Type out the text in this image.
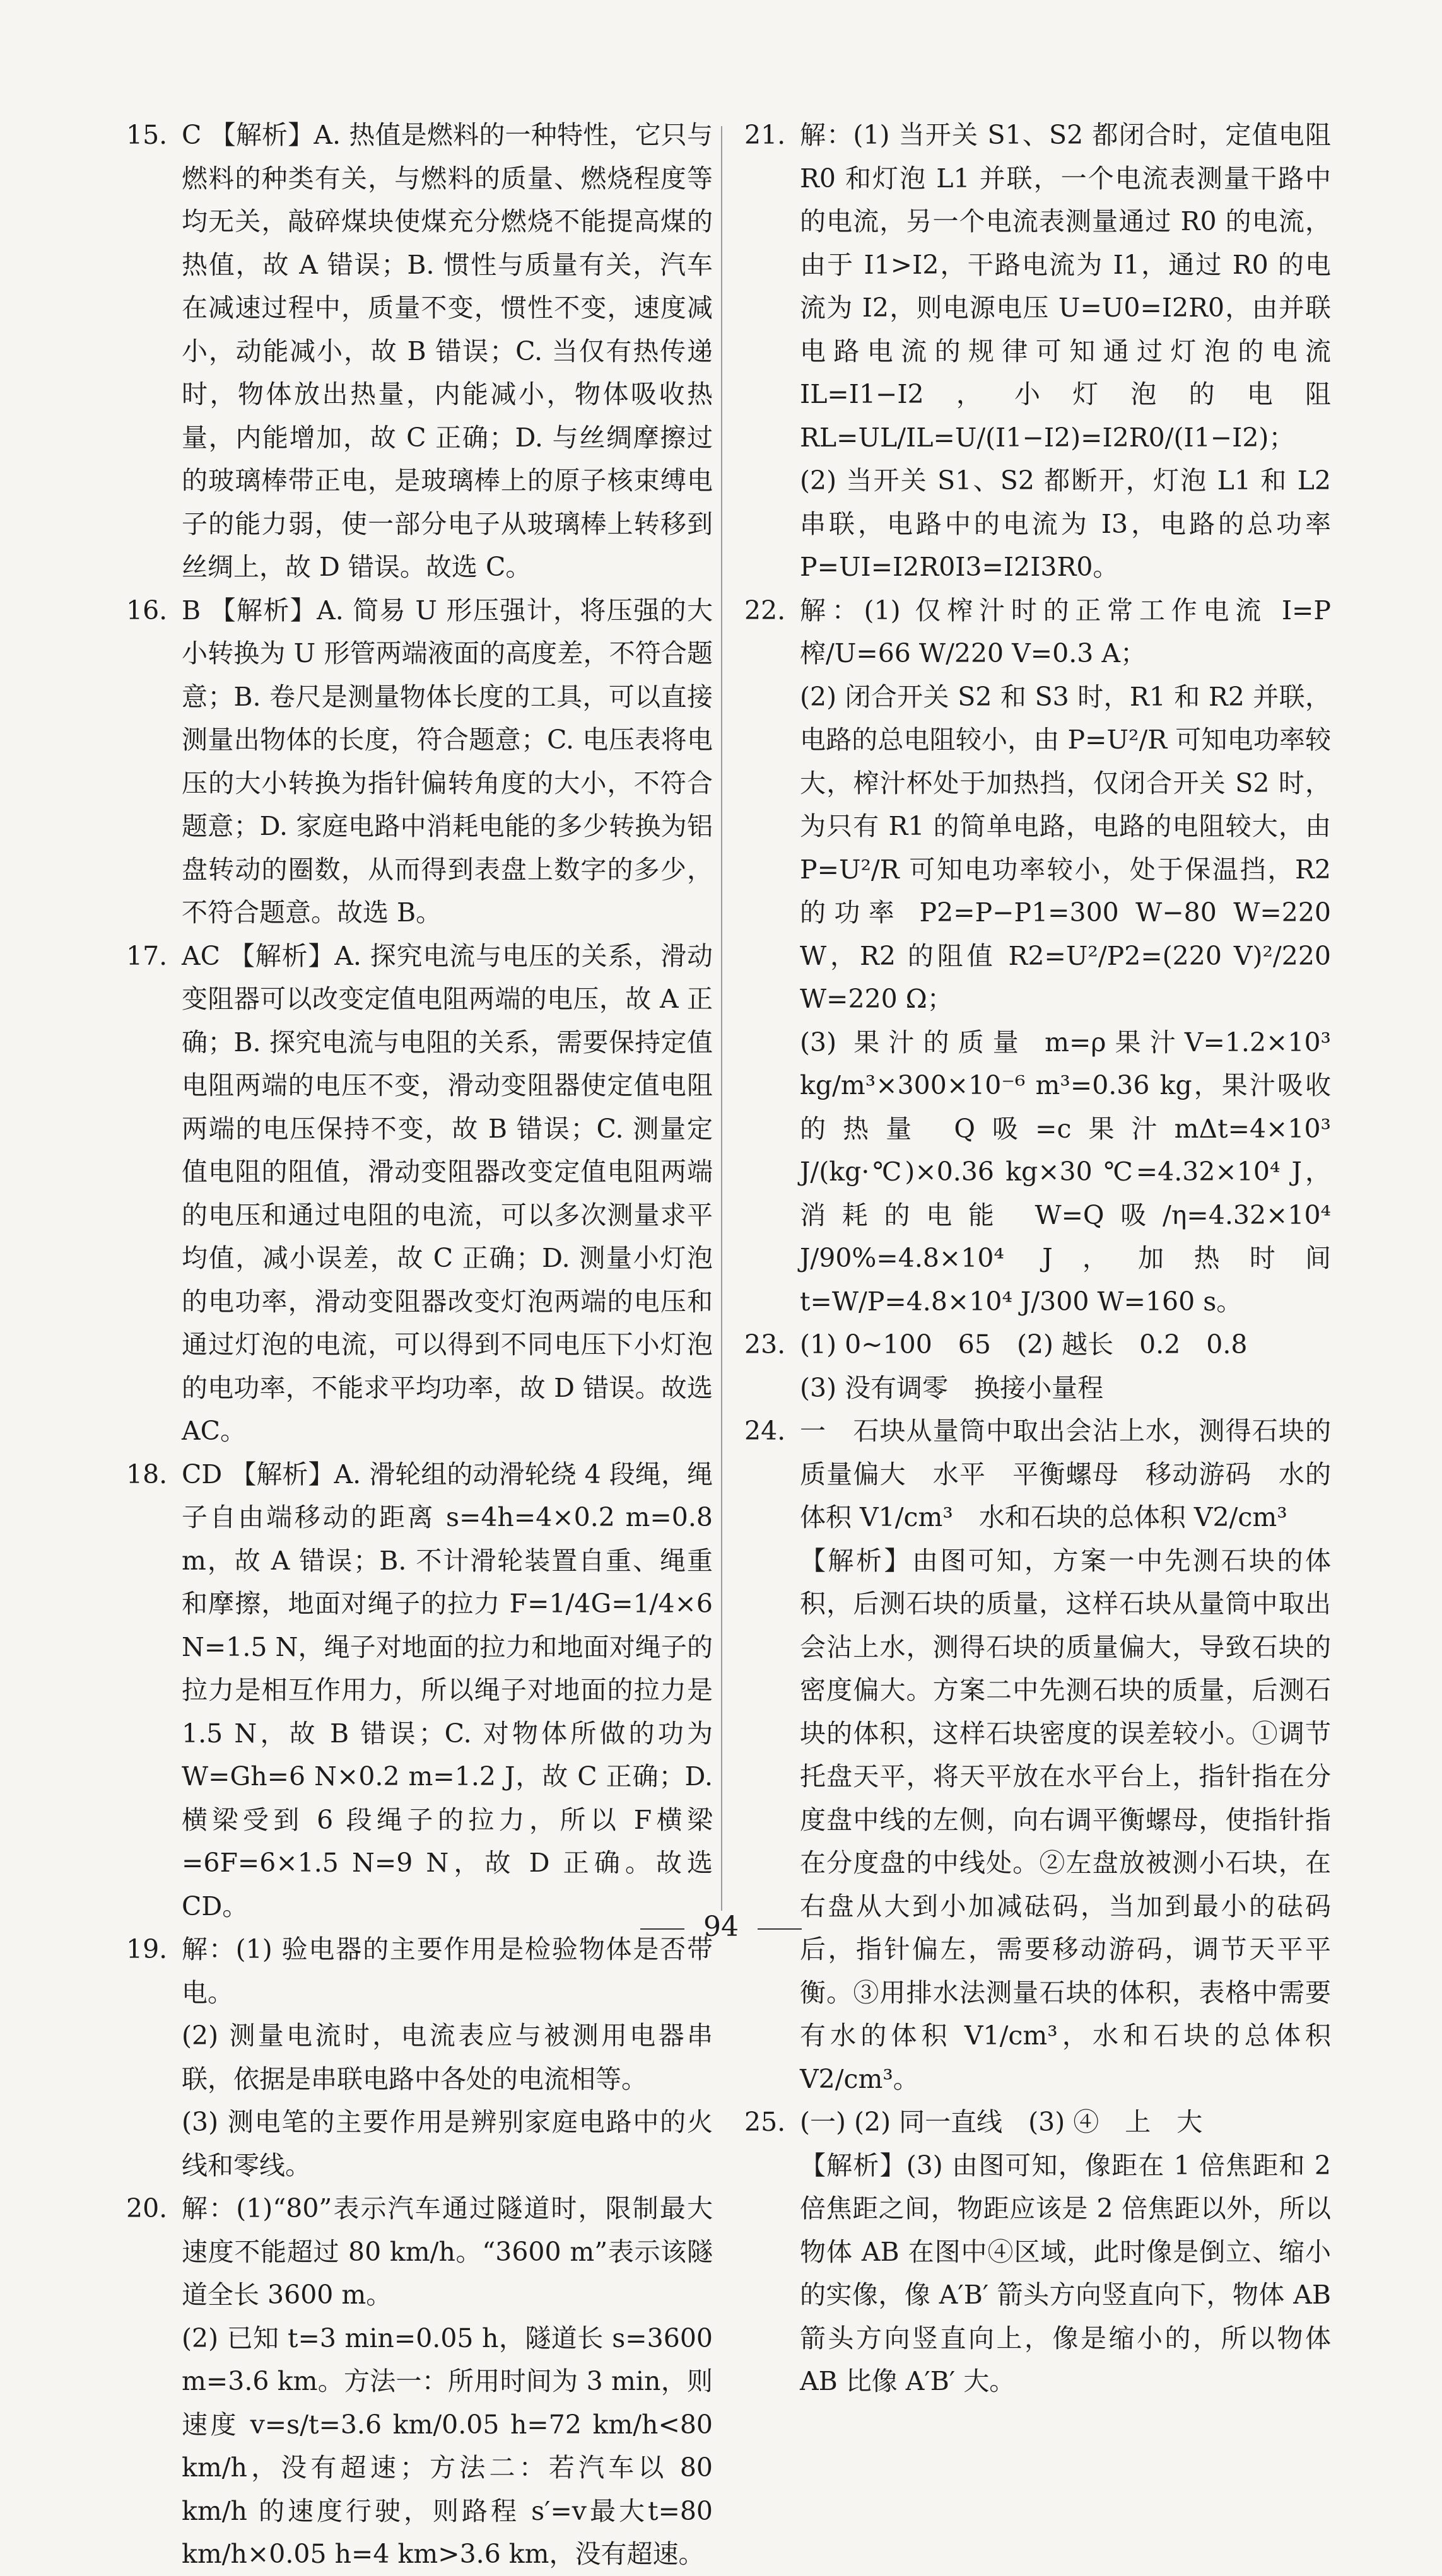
15. C 【解析】A. 热值是燃料的一种特性，它只与燃料的种类有关，与燃料的质量、燃烧程度等均无关，敲碎煤块使煤充分燃烧不能提高煤的热值，故 A 错误；B. 惯性与质量有关，汽车在减速过程中，质量不变，惯性不变，速度减小，动能减小，故 B 错误；C. 当仅有热传递时，物体放出热量，内能减小，物体吸收热量，内能增加，故 C 正确；D. 与丝绸摩擦过的玻璃棒带正电，是玻璃棒上的原子核束缚电子的能力弱，使一部分电子从玻璃棒上转移到丝绸上，故 D 错误。故选 C。
16. B 【解析】A. 简易 U 形压强计，将压强的大小转换为 U 形管两端液面的高度差，不符合题意；B. 卷尺是测量物体长度的工具，可以直接测量出物体的长度，符合题意；C. 电压表将电压的大小转换为指针偏转角度的大小，不符合题意；D. 家庭电路中消耗电能的多少转换为铝盘转动的圈数，从而得到表盘上数字的多少，不符合题意。故选 B。
17. AC 【解析】A. 探究电流与电压的关系，滑动变阻器可以改变定值电阻两端的电压，故 A 正确；B. 探究电流与电阻的关系，需要保持定值电阻两端的电压不变，滑动变阻器使定值电阻两端的电压保持不变，故 B 错误；C. 测量定值电阻的阻值，滑动变阻器改变定值电阻两端的电压和通过电阻的电流，可以多次测量求平均值，减小误差，故 C 正确；D. 测量小灯泡的电功率，滑动变阻器改变灯泡两端的电压和通过灯泡的电流，可以得到不同电压下小灯泡的电功率，不能求平均功率，故 D 错误。故选 AC。
18. CD 【解析】A. 滑轮组的动滑轮绕 4 段绳，绳子自由端移动的距离 s=4h=4×0.2 m=0.8 m，故 A 错误；B. 不计滑轮装置自重、绳重和摩擦，地面对绳子的拉力 F=1/4G=1/4×6 N=1.5 N，绳子对地面的拉力和地面对绳子的拉力是相互作用力，所以绳子对地面的拉力是 1.5 N，故 B 错误；C. 对物体所做的功为 W=Gh=6 N×0.2 m=1.2 J，故 C 正确；D. 横梁受到 6 段绳子的拉力，所以 F横梁=6F=6×1.5 N=9 N，故 D 正确。故选 CD。
19. 解：(1) 验电器的主要作用是检验物体是否带电。
(2) 测量电流时，电流表应与被测用电器串联，依据是串联电路中各处的电流相等。
(3) 测电笔的主要作用是辨别家庭电路中的火线和零线。
20. 解：(1)“80”表示汽车通过隧道时，限制最大速度不能超过 80 km/h。“3600 m”表示该隧道全长 3600 m。
(2) 已知 t=3 min=0.05 h，隧道长 s=3600 m=3.6 km。方法一：所用时间为 3 min，则速度 v=s/t=3.6 km/0.05 h=72 km/h<80 km/h，没有超速；方法二：若汽车以 80 km/h 的速度行驶，则路程 s′=v最大t=80 km/h×0.05 h=4 km>3.6 km，没有超速。
21. 解：(1) 当开关 S1、S2 都闭合时，定值电阻 R0 和灯泡 L1 并联，一个电流表测量干路中的电流，另一个电流表测量通过 R0 的电流，由于 I1>I2，干路电流为 I1，通过 R0 的电流为 I2，则电源电压 U=U0=I2R0，由并联电路电流的规律可知通过灯泡的电流 IL=I1−I2，小灯泡的电阻 RL=UL/IL=U/(I1−I2)=I2R0/(I1−I2)；
(2) 当开关 S1、S2 都断开，灯泡 L1 和 L2 串联，电路中的电流为 I3，电路的总功率 P=UI=I2R0I3=I2I3R0。
22. 解：(1) 仅榨汁时的正常工作电流 I=P榨/U=66 W/220 V=0.3 A；
(2) 闭合开关 S2 和 S3 时，R1 和 R2 并联，电路的总电阻较小，由 P=U²/R 可知电功率较大，榨汁杯处于加热挡，仅闭合开关 S2 时，为只有 R1 的简单电路，电路的电阻较大，由 P=U²/R 可知电功率较小，处于保温挡，R2 的功率 P2=P−P1=300 W−80 W=220 W，R2 的阻值 R2=U²/P2=(220 V)²/220 W=220 Ω；
(3) 果汁的质量 m=ρ果汁V=1.2×10³ kg/m³×300×10⁻⁶ m³=0.36 kg，果汁吸收的热量 Q吸=c果汁mΔt=4×10³ J/(kg·℃)×0.36 kg×30 ℃=4.32×10⁴ J，消耗的电能 W=Q吸/η=4.32×10⁴ J/90%=4.8×10⁴ J，加热时间 t=W/P=4.8×10⁴ J/300 W=160 s。
23. (1) 0~100　65　(2) 越长　0.2　0.8
(3) 没有调零　换接小量程
24. 一　石块从量筒中取出会沾上水，测得石块的质量偏大　水平　平衡螺母　移动游码　水的体积 V1/cm³　水和石块的总体积 V2/cm³
【解析】由图可知，方案一中先测石块的体积，后测石块的质量，这样石块从量筒中取出会沾上水，测得石块的质量偏大，导致石块的密度偏大。方案二中先测石块的质量，后测石块的体积，这样石块密度的误差较小。①调节托盘天平，将天平放在水平台上，指针指在分度盘中线的左侧，向右调平衡螺母，使指针指在分度盘的中线处。②左盘放被测小石块，在右盘从大到小加减砝码，当加到最小的砝码后，指针偏左，需要移动游码，调节天平平衡。③用排水法测量石块的体积，表格中需要有水的体积 V1/cm³，水和石块的总体积 V2/cm³。
25. (一) (2) 同一直线　(3) ④　上　大
【解析】(3) 由图可知，像距在 1 倍焦距和 2 倍焦距之间，物距应该是 2 倍焦距以外，所以物体 AB 在图中④区域，此时像是倒立、缩小的实像，像 A′B′ 箭头方向竖直向下，物体 AB 箭头方向竖直向上，像是缩小的，所以物体 AB 比像 A′B′ 大。
94
